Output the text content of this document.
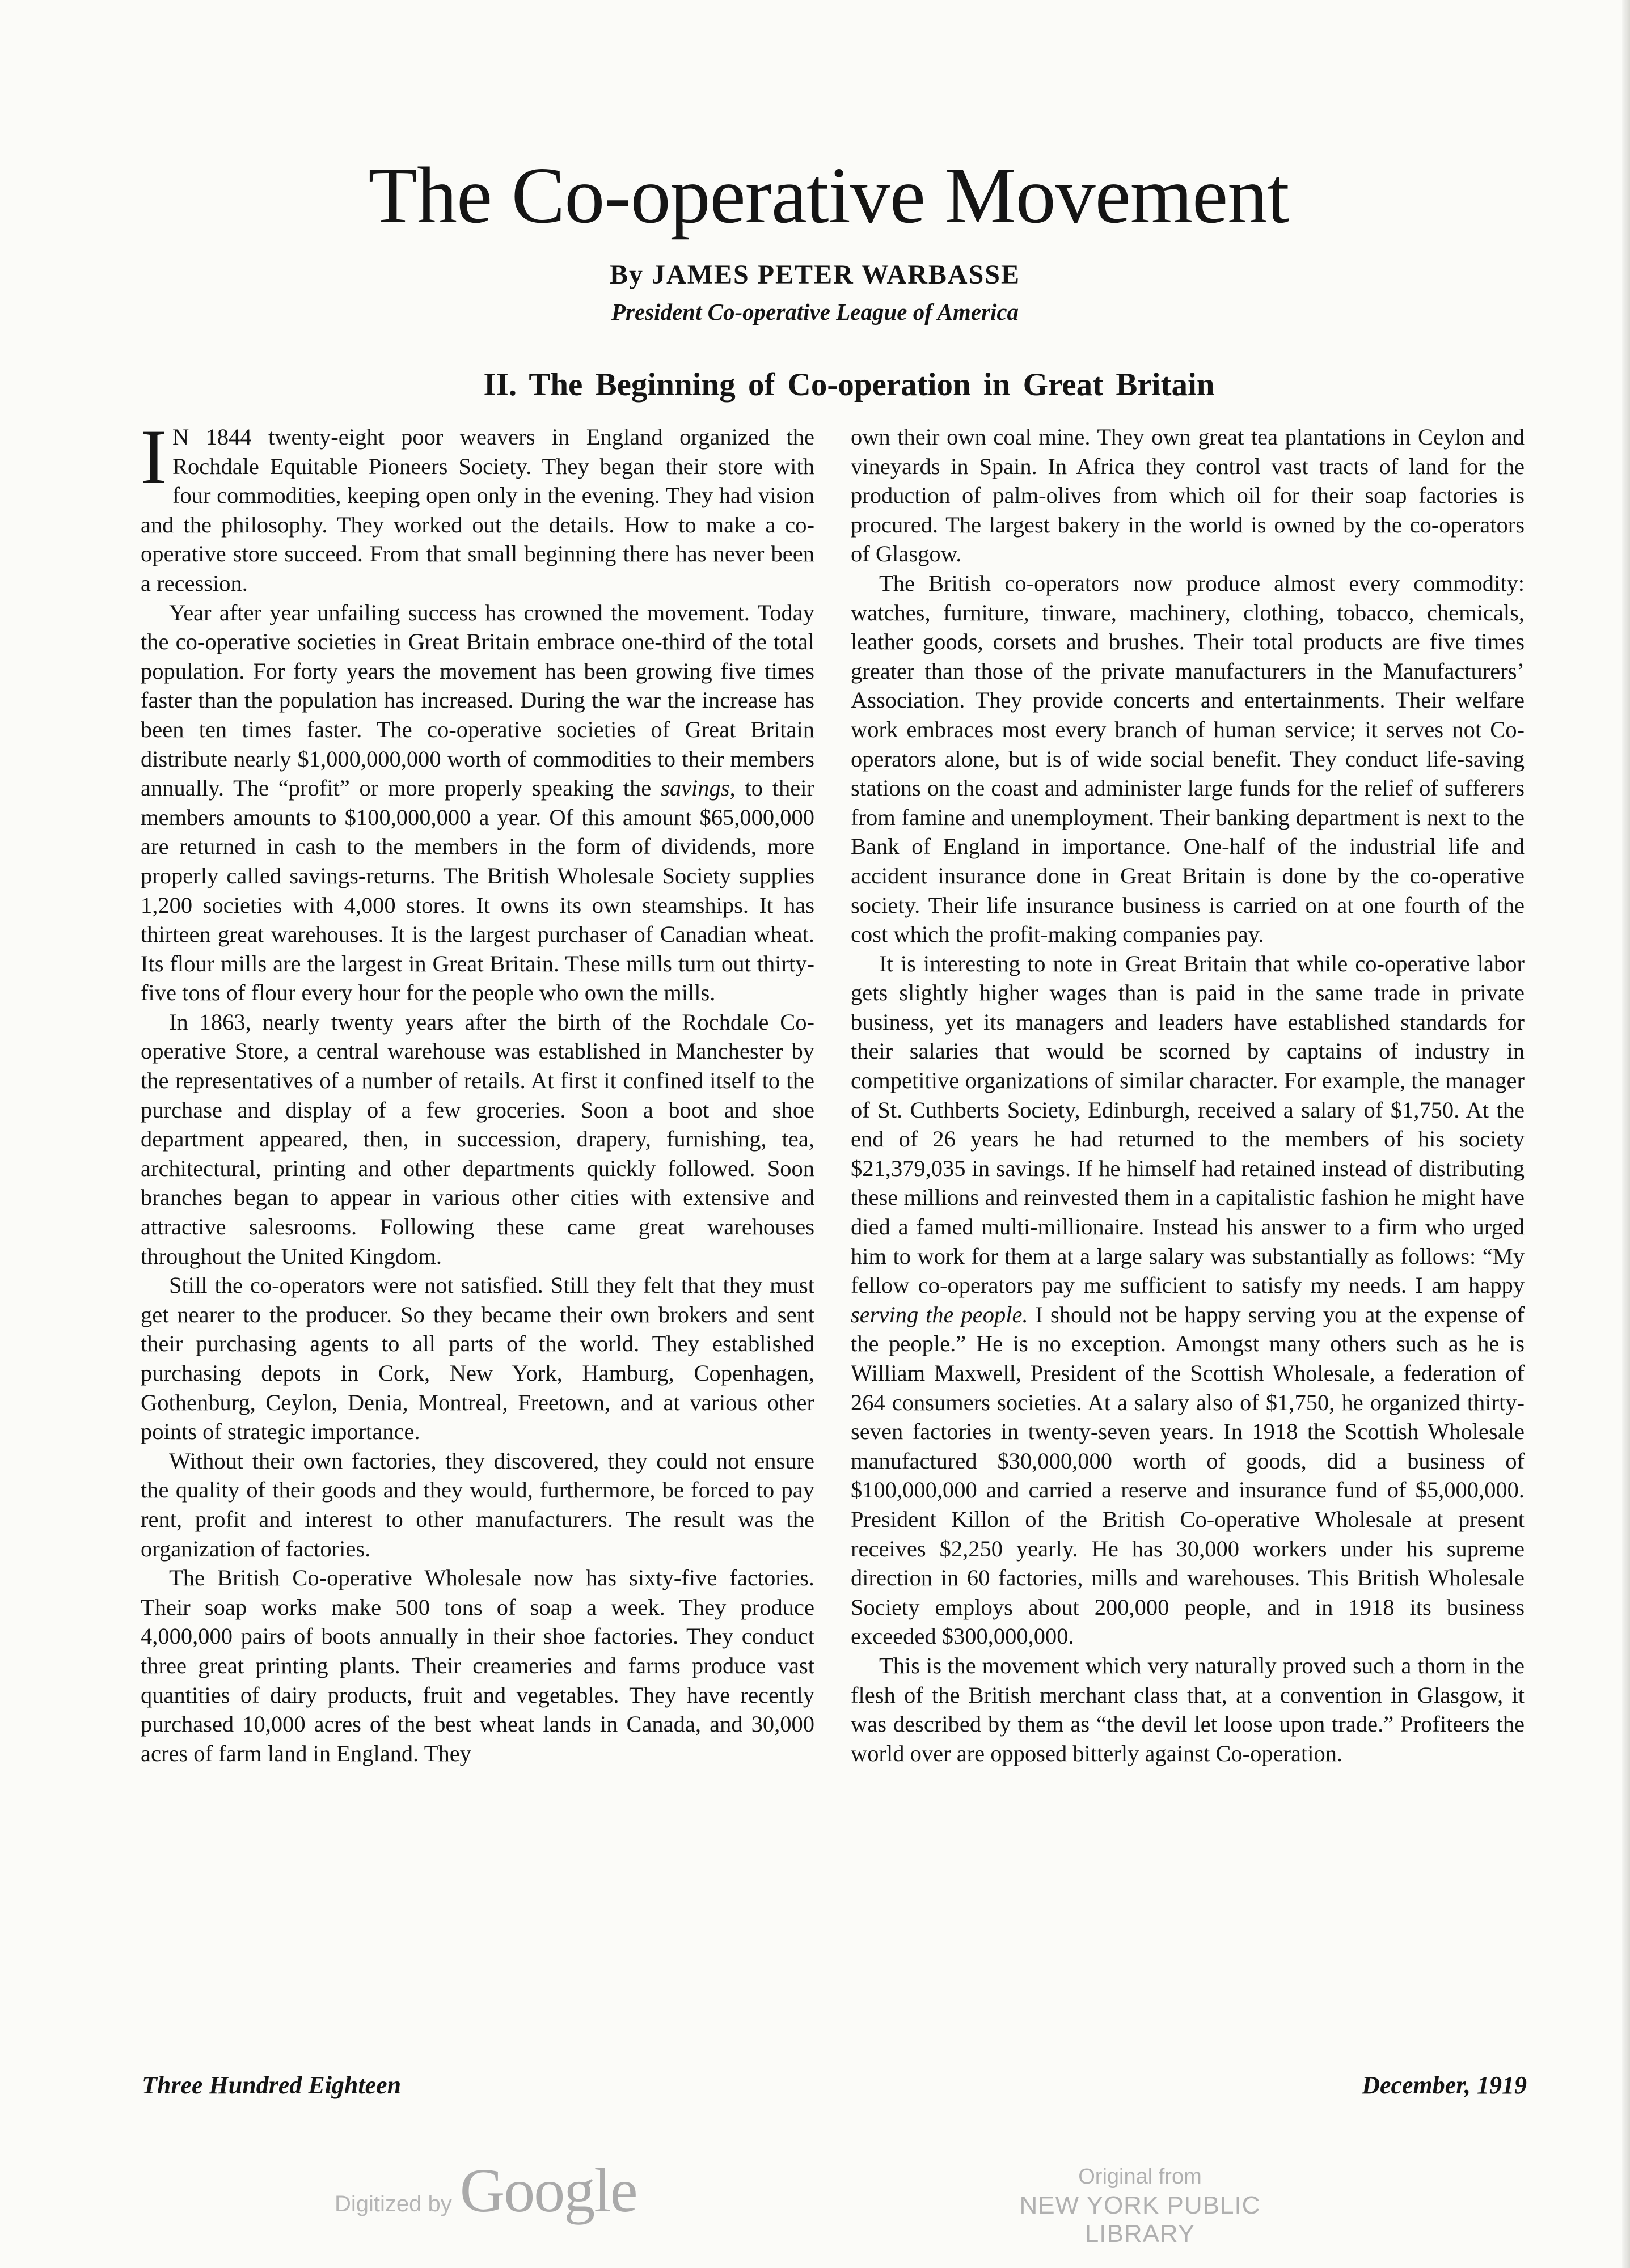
The Co-operative Movement
By JAMES PETER WARBASSE
President Co-operative League of America
II. The Beginning of Co-operation in Great Britain

I N 1844 twenty-eight poor weavers in England organized the Rochdale Equitable Pioneers Society. They began their store with four commodities, keeping open only in the evening. They had vision and the philosophy. They worked out the details. How to make a co-operative store succeed. From that small beginning there has never been a recession.

Year after year unfailing success has crowned the movement. Today the co-operative societies in Great Britain embrace one-third of the total population. For forty years the movement has been growing five times faster than the population has increased. During the war the increase has been ten times faster. The co-operative societies of Great Britain distribute nearly $1,000,000,000 worth of commodities to their members annually. The “profit” or more properly speaking the savings, to their members amounts to $100,000,000 a year. Of this amount $65,000,000 are returned in cash to the members in the form of dividends, more properly called savings-returns. The British Wholesale Society supplies 1,200 societies with 4,000 stores. It owns its own steamships. It has thirteen great warehouses. It is the largest purchaser of Canadian wheat. Its flour mills are the largest in Great Britain. These mills turn out thirty-five tons of flour every hour for the people who own the mills.

In 1863, nearly twenty years after the birth of the Rochdale Co-operative Store, a central warehouse was established in Manchester by the representatives of a number of retails. At first it confined itself to the purchase and display of a few groceries. Soon a boot and shoe department appeared, then, in succession, drapery, furnishing, tea, architectural, printing and other departments quickly followed. Soon branches began to appear in various other cities with extensive and attractive salesrooms. Following these came great warehouses throughout the United Kingdom.

Still the co-operators were not satisfied. Still they felt that they must get nearer to the producer. So they became their own brokers and sent their purchasing agents to all parts of the world. They established purchasing depots in Cork, New York, Hamburg, Copenhagen, Gothenburg, Ceylon, Denia, Montreal, Freetown, and at various other points of strategic importance.

Without their own factories, they discovered, they could not ensure the quality of their goods and they would, furthermore, be forced to pay rent, profit and interest to other manufacturers. The result was the organization of factories.

The British Co-operative Wholesale now has sixty-five factories. Their soap works make 500 tons of soap a week. They produce 4,000,000 pairs of boots annually in their shoe factories. They conduct three great printing plants. Their creameries and farms produce vast quantities of dairy products, fruit and vegetables. They have recently purchased 10,000 acres of the best wheat lands in Canada, and 30,000 acres of farm land in England. They

own their own coal mine. They own great tea plantations in Ceylon and vineyards in Spain. In Africa they control vast tracts of land for the production of palm-olives from which oil for their soap factories is procured. The largest bakery in the world is owned by the co-operators of Glasgow.

The British co-operators now produce almost every commodity: watches, furniture, tinware, machinery, clothing, tobacco, chemicals, leather goods, corsets and brushes. Their total products are five times greater than those of the private manufacturers in the Manufacturers’ Association. They provide concerts and entertainments. Their welfare work embraces most every branch of human service; it serves not Co-operators alone, but is of wide social benefit. They conduct life-saving stations on the coast and administer large funds for the relief of sufferers from famine and unemployment. Their banking department is next to the Bank of England in importance. One-half of the industrial life and accident insurance done in Great Britain is done by the co-operative society. Their life insurance business is carried on at one fourth of the cost which the profit-making companies pay.

It is interesting to note in Great Britain that while co-operative labor gets slightly higher wages than is paid in the same trade in private business, yet its managers and leaders have established standards for their salaries that would be scorned by captains of industry in competitive organizations of similar character. For example, the manager of St. Cuthberts Society, Edinburgh, received a salary of $1,750. At the end of 26 years he had returned to the members of his society $21,379,035 in savings. If he himself had retained instead of distributing these millions and reinvested them in a capitalistic fashion he might have died a famed multi-millionaire. Instead his answer to a firm who urged him to work for them at a large salary was substantially as follows: “My fellow co-operators pay me sufficient to satisfy my needs. I am happy serving the people. I should not be happy serving you at the expense of the people.” He is no exception. Amongst many others such as he is William Maxwell, President of the Scottish Wholesale, a federation of 264 consumers societies. At a salary also of $1,750, he organized thirty-seven factories in twenty-seven years. In 1918 the Scottish Wholesale manufactured $30,000,000 worth of goods, did a business of $100,000,000 and carried a reserve and insurance fund of $5,000,000. President Killon of the British Co-operative Wholesale at present receives $2,250 yearly. He has 30,000 workers under his supreme direction in 60 factories, mills and warehouses. This British Wholesale Society employs about 200,000 people, and in 1918 its business exceeded $300,000,000.

This is the movement which very naturally proved such a thorn in the flesh of the British merchant class that, at a convention in Glasgow, it was described by them as “the devil let loose upon trade.” Profiteers the world over are opposed bitterly against Co-operation.

Three Hundred Eighteen	December, 1919
Digitized by Google	Original from
NEW YORK PUBLIC LIBRARY
